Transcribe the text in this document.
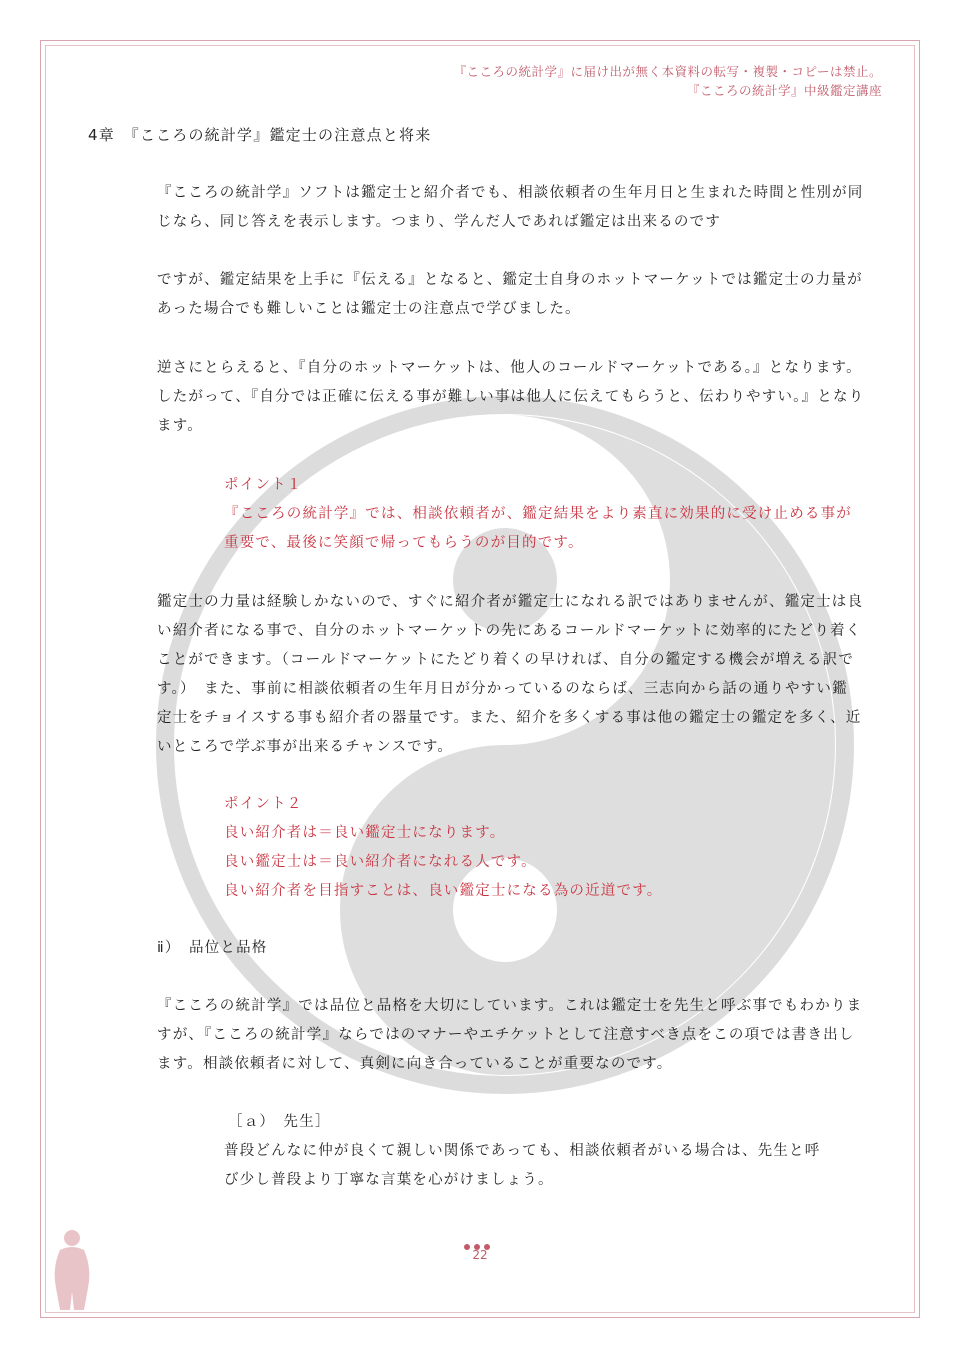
『こころの統計学』に届け出が無く本資料の転写・複製・コピーは禁止。
『こころの統計学』中級鑑定講座
4章　『こころの統計学』鑑定士の注意点と将来
『こころの統計学』ソフトは鑑定士と紹介者でも、相談依頼者の生年月日と生まれた時間と性別が同
じなら、同じ答えを表示します。つまり、学んだ人であれば鑑定は出来るのです
ですが、鑑定結果を上手に『伝える』となると、鑑定士自身のホットマーケットでは鑑定士の力量が
あった場合でも難しいことは鑑定士の注意点で学びました。
逆さにとらえると、『自分のホットマーケットは、他人のコールドマーケットである。』となります。
したがって、『自分では正確に伝える事が難しい事は他人に伝えてもらうと、伝わりやすい。』となり
ます。
ポイント１
『こころの統計学』では、相談依頼者が、鑑定結果をより素直に効果的に受け止める事が
重要で、最後に笑顔で帰ってもらうのが目的です。
鑑定士の力量は経験しかないので、すぐに紹介者が鑑定士になれる訳ではありませんが、鑑定士は良
い紹介者になる事で、自分のホットマーケットの先にあるコールドマーケットに効率的にたどり着く
ことができます。（コールドマーケットにたどり着くの早ければ、自分の鑑定する機会が増える訳で
す。）　また、事前に相談依頼者の生年月日が分かっているのならば、三志向から話の通りやすい鑑
定士をチョイスする事も紹介者の器量です。また、紹介を多くする事は他の鑑定士の鑑定を多く、近
いところで学ぶ事が出来るチャンスです。
ポイント２
良い紹介者は＝良い鑑定士になります。
良い鑑定士は＝良い紹介者になれる人です。
良い紹介者を目指すことは、良い鑑定士になる為の近道です。
ⅱ）　品位と品格
『こころの統計学』では品位と品格を大切にしています。これは鑑定士を先生と呼ぶ事でもわかりま
すが、『こころの統計学』ならではのマナーやエチケットとして注意すべき点をこの項では書き出し
ます。相談依頼者に対して、真剣に向き合っていることが重要なのです。
［ａ）　先生］
普段どんなに仲が良くて親しい関係であっても、相談依頼者がいる場合は、先生と呼
び少し普段より丁寧な言葉を心がけましょう。
22
